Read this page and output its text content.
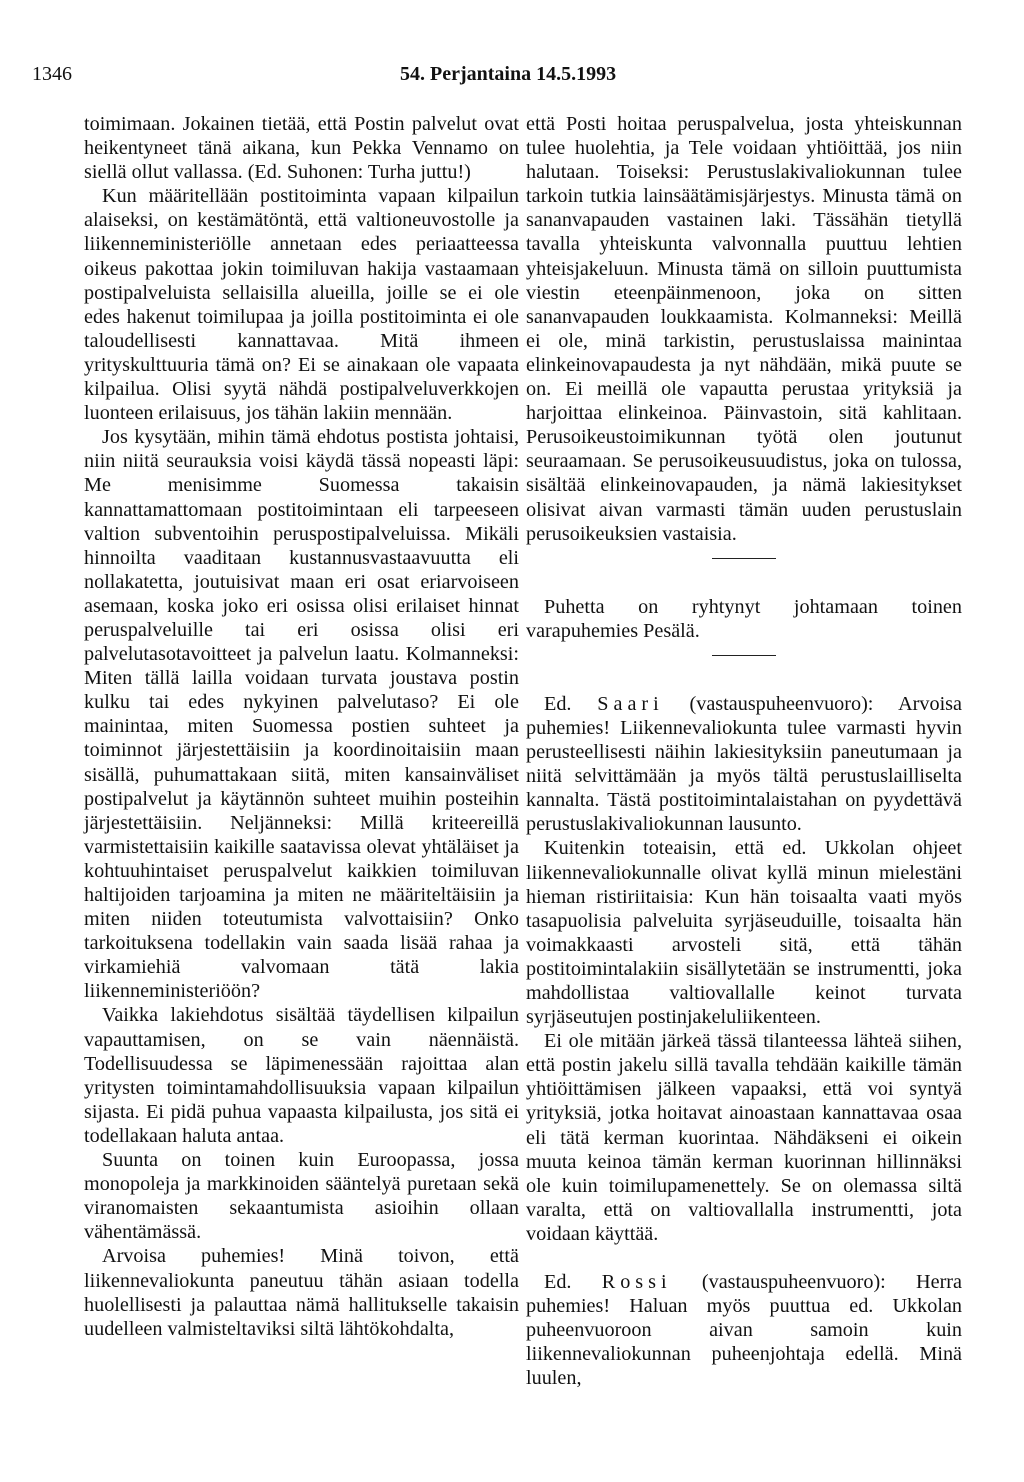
1346	54. Perjantaina 14.5.1993

toimimaan. Jokainen tietää, että Postin palvelut ovat heikentyneet tänä aikana, kun Pekka Vennamo on siellä ollut vallassa. (Ed. Suhonen: Turha juttu!)

Kun määritellään postitoiminta vapaan kilpailun alaiseksi, on kestämätöntä, että valtioneuvostolle ja liikenneministeriölle annetaan edes periaatteessa oikeus pakottaa jokin toimiluvan hakija vastaamaan postipalveluista sellaisilla alueilla, joille se ei ole edes hakenut toimilupaa ja joilla postitoiminta ei ole taloudellisesti kannattavaa. Mitä ihmeen yrityskulttuuria tämä on? Ei se ainakaan ole vapaata kilpailua. Olisi syytä nähdä postipalveluverkkojen luonteen erilaisuus, jos tähän lakiin mennään.

Jos kysytään, mihin tämä ehdotus postista johtaisi, niin niitä seurauksia voisi käydä tässä nopeasti läpi: Me menisimme Suomessa takaisin kannattamattomaan postitoimintaan eli tarpeeseen valtion subventoihin peruspostipalveluissa. Mikäli hinnoilta vaaditaan kustannusvastaavuutta eli nollakatetta, joutuisivat maan eri osat eriarvoiseen asemaan, koska joko eri osissa olisi erilaiset hinnat peruspalveluille tai eri osissa olisi eri palvelutasotavoitteet ja palvelun laatu. Kolmanneksi: Miten tällä lailla voidaan turvata joustava postin kulku tai edes nykyinen palvelutaso? Ei ole mainintaa, miten Suomessa postien suhteet ja toiminnot järjestettäisiin ja koordinoitaisiin maan sisällä, puhumattakaan siitä, miten kansainväliset postipalvelut ja käytännön suhteet muihin posteihin järjestettäisiin. Neljänneksi: Millä kriteereillä varmistettaisiin kaikille saatavissa olevat yhtäläiset ja kohtuuhintaiset peruspalvelut kaikkien toimiluvan haltijoiden tarjoamina ja miten ne määriteltäisiin ja miten niiden toteutumista valvottaisiin? Onko tarkoituksena todellakin vain saada lisää rahaa ja virkamiehiä valvomaan tätä lakia liikenneministeriöön?

Vaikka lakiehdotus sisältää täydellisen kilpailun vapauttamisen, on se vain näennäistä. Todellisuudessa se läpimenessään rajoittaa alan yritysten toimintamahdollisuuksia vapaan kilpailun sijasta. Ei pidä puhua vapaasta kilpailusta, jos sitä ei todellakaan haluta antaa.

Suunta on toinen kuin Euroopassa, jossa monopoleja ja markkinoiden sääntelyä puretaan sekä viranomaisten sekaantumista asioihin ollaan vähentämässä.

Arvoisa puhemies! Minä toivon, että liikennevaliokunta paneutuu tähän asiaan todella huolellisesti ja palauttaa nämä hallitukselle takaisin uudelleen valmisteltaviksi siltä lähtökohdalta,

että Posti hoitaa peruspalvelua, josta yhteiskunnan tulee huolehtia, ja Tele voidaan yhtiöittää, jos niin halutaan. Toiseksi: Perustuslakivaliokunnan tulee tarkoin tutkia lainsäätämisjärjestys. Minusta tämä on sananvapauden vastainen laki. Tässähän tietyllä tavalla yhteiskunta valvonnalla puuttuu lehtien yhteisjakeluun. Minusta tämä on silloin puuttumista viestin eteenpäinmenoon, joka on sitten sananvapauden loukkaamista. Kolmanneksi: Meillä ei ole, minä tarkistin, perustuslaissa mainintaa elinkeinovapaudesta ja nyt nähdään, mikä puute se on. Ei meillä ole vapautta perustaa yrityksiä ja harjoittaa elinkeinoa. Päinvastoin, sitä kahlitaan. Perusoikeustoimikunnan työtä olen joutunut seuraamaan. Se perusoikeusuudistus, joka on tulossa, sisältää elinkeinovapauden, ja nämä lakiesitykset olisivat aivan varmasti tämän uuden perustuslain perusoikeuksien vastaisia.

Puhetta on ryhtynyt johtamaan toinen varapuhemies Pesälä.

Ed. Saari (vastauspuheenvuoro): Arvoisa puhemies! Liikennevaliokunta tulee varmasti hyvin perusteellisesti näihin lakiesityksiin paneutumaan ja niitä selvittämään ja myös tältä perustuslailliselta kannalta. Tästä postitoimintalaistahan on pyydettävä perustuslakivaliokunnan lausunto.

Kuitenkin toteaisin, että ed. Ukkolan ohjeet liikennevaliokunnalle olivat kyllä minun mielestäni hieman ristiriitaisia: Kun hän toisaalta vaati myös tasapuolisia palveluita syrjäseuduille, toisaalta hän voimakkaasti arvosteli sitä, että tähän postitoimintalakiin sisällytetään se instrumentti, joka mahdollistaa valtiovallalle keinot turvata syrjäseutujen postinjakeluliikenteen.

Ei ole mitään järkeä tässä tilanteessa lähteä siihen, että postin jakelu sillä tavalla tehdään kaikille tämän yhtiöittämisen jälkeen vapaaksi, että voi syntyä yrityksiä, jotka hoitavat ainoastaan kannattavaa osaa eli tätä kerman kuorintaa. Nähdäkseni ei oikein muuta keinoa tämän kerman kuorinnan hillinnäksi ole kuin toimilupamenettely. Se on olemassa siltä varalta, että on valtiovallalla instrumentti, jota voidaan käyttää.

Ed. Rossi (vastauspuheenvuoro): Herra puhemies! Haluan myös puuttua ed. Ukkolan puheenvuoroon aivan samoin kuin liikennevaliokunnan puheenjohtaja edellä. Minä luulen,
